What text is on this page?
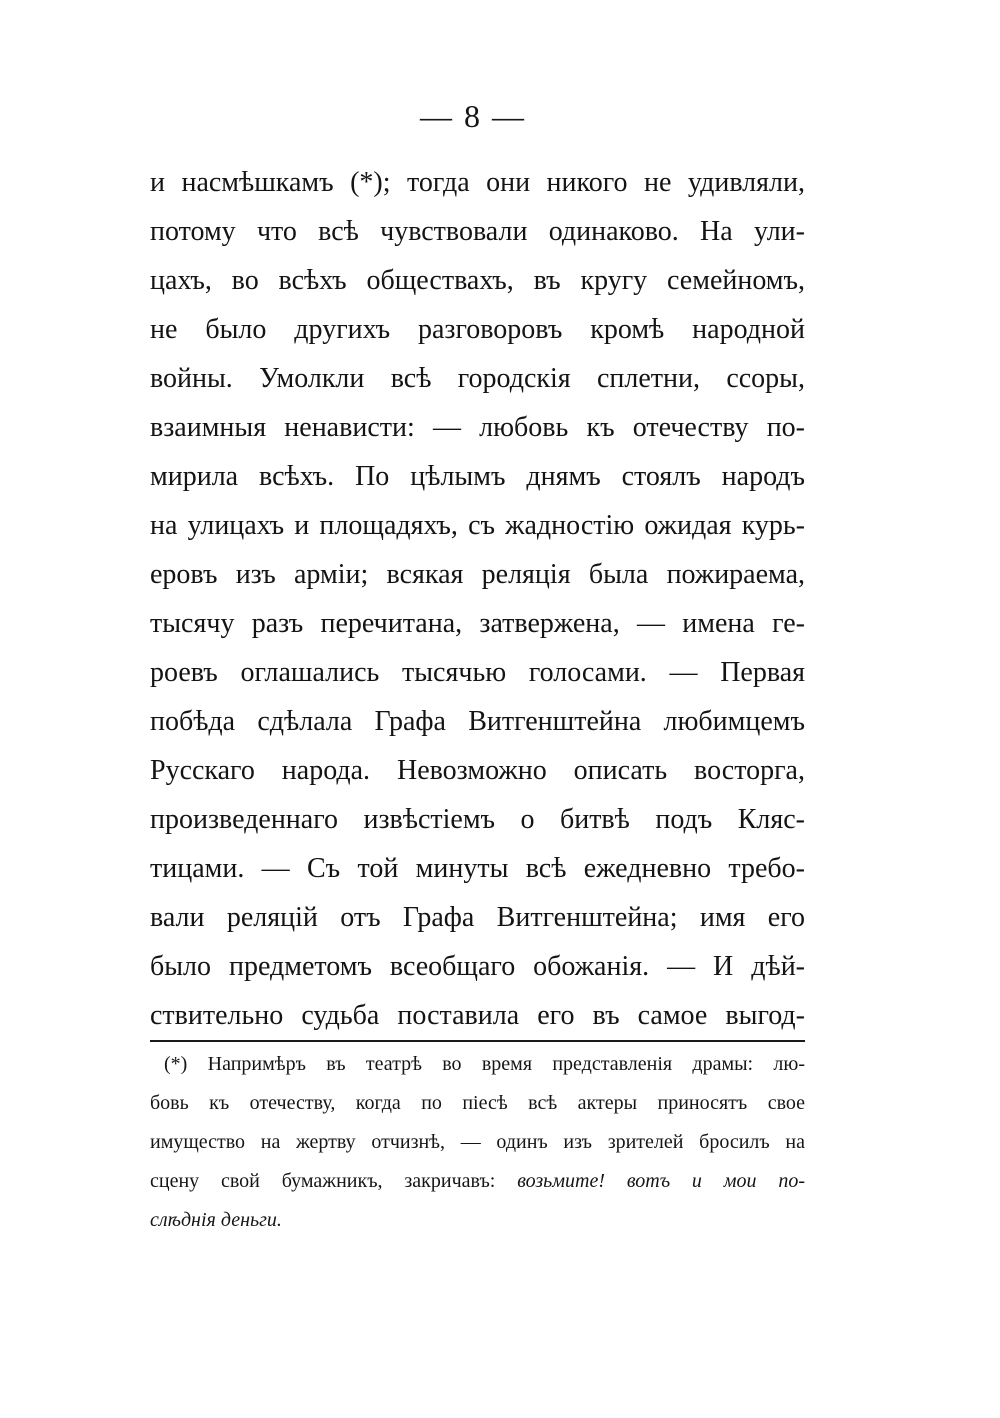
— 8 —
и насмѣшкамъ (*); тогда они никого не удивляли,
потому что всѣ чувствовали одинаково. На ули-
цахъ, во всѣхъ обществахъ, въ кругу семейномъ,
не было другихъ разговоровъ кромѣ народной
войны. Умолкли всѣ городскія сплетни, ссоры,
взаимныя ненависти: — любовь къ отечеству по-
мирила всѣхъ. По цѣлымъ днямъ стоялъ народъ
на улицахъ и площадяхъ, съ жадностію ожидая курь-
еровъ изъ арміи; всякая реляція была пожираема,
тысячу разъ перечитана, затвержена, — имена ге-
роевъ оглашались тысячью голосами. — Первая
побѣда сдѣлала Графа Витгенштейна любимцемъ
Русскаго народа. Невозможно описать восторга,
произведеннаго извѣстіемъ о битвѣ подъ Кляс-
тицами. — Съ той минуты всѣ ежедневно требо-
вали реляцій отъ Графа Витгенштейна; имя его
было предметомъ всеобщаго обожанія. — И дѣй-
ствительно судьба поставила его въ самое выгод-
(*) Напримѣръ въ театрѣ во время представленія драмы: лю-
бовь къ отечеству, когда по піесѣ всѣ актеры приносятъ свое
имущество на жертву отчизнѣ, — одинъ изъ зрителей бросилъ на
сцену свой бумажникъ, закричавъ: возьмите! вотъ и мои по-
слѣднія деньги.
